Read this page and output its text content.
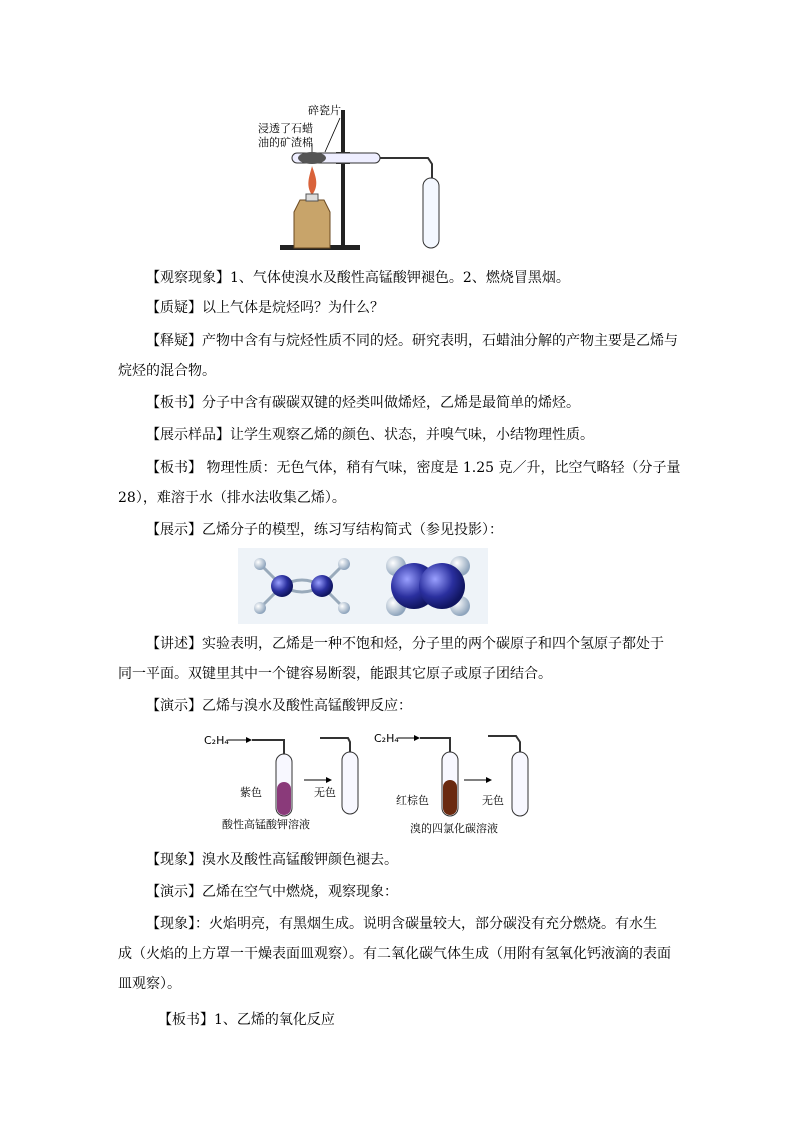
碎瓷片
浸透了石蜡
油的矿渣棉
【观察现象】1、气体使溴水及酸性高锰酸钾褪色。2、燃烧冒黑烟。
【质疑】以上气体是烷烃吗？为什么？
【释疑】产物中含有与烷烃性质不同的烃。研究表明，石蜡油分解的产物主要是乙烯与
烷烃的混合物。
【板书】分子中含有碳碳双键的烃类叫做烯烃，乙烯是最简单的烯烃。
【展示样品】让学生观察乙烯的颜色、状态，并嗅气味，小结物理性质。
【板书】 物理性质：无色气体，稍有气味，密度是 1.25 克／升，比空气略轻（分子量
28），难溶于水（排水法收集乙烯）。
【展示】乙烯分子的模型，练习写结构简式（参见投影）：
【讲述】实验表明，乙烯是一种不饱和烃，分子里的两个碳原子和四个氢原子都处于
同一平面。双键里其中一个键容易断裂，能跟其它原子或原子团结合。
【演示】乙烯与溴水及酸性高锰酸钾反应：
C₂H₄
紫色	无色
酸性高锰酸钾溶液
C₂H₄
红棕色	无色
溴的四氯化碳溶液
【现象】溴水及酸性高锰酸钾颜色褪去。
【演示】乙烯在空气中燃烧，观察现象：
【现象】：火焰明亮，有黑烟生成。说明含碳量较大，部分碳没有充分燃烧。有水生
成（火焰的上方罩一干燥表面皿观察）。有二氧化碳气体生成（用附有氢氧化钙液滴的表面
皿观察）。
【板书】1、乙烯的氧化反应
